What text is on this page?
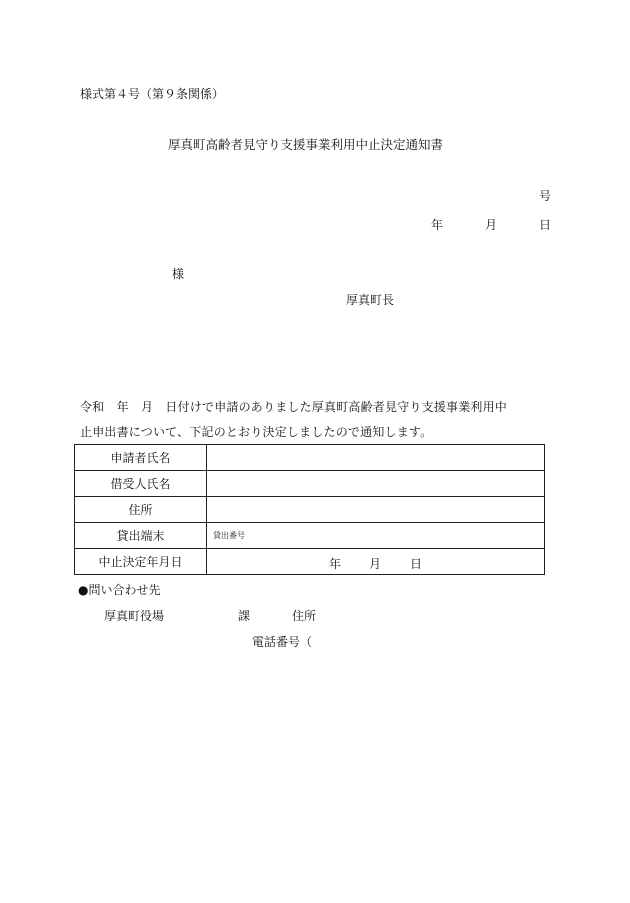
様式第４号（第９条関係）
厚真町高齢者見守り支援事業利用中止決定通知書
号
年	月	日
様
厚真町長
令和　年　月　日付けで申請のありました厚真町高齢者見守り支援事業利用中
止申出書について、下記のとおり決定しましたので通知します。
申請者氏名	
借受人氏名	
住所	
貸出端末	貸出番号
中止決定年月日	年 月 日
●問い合わせ先
厚真町役場	課	住所
電話番号（
